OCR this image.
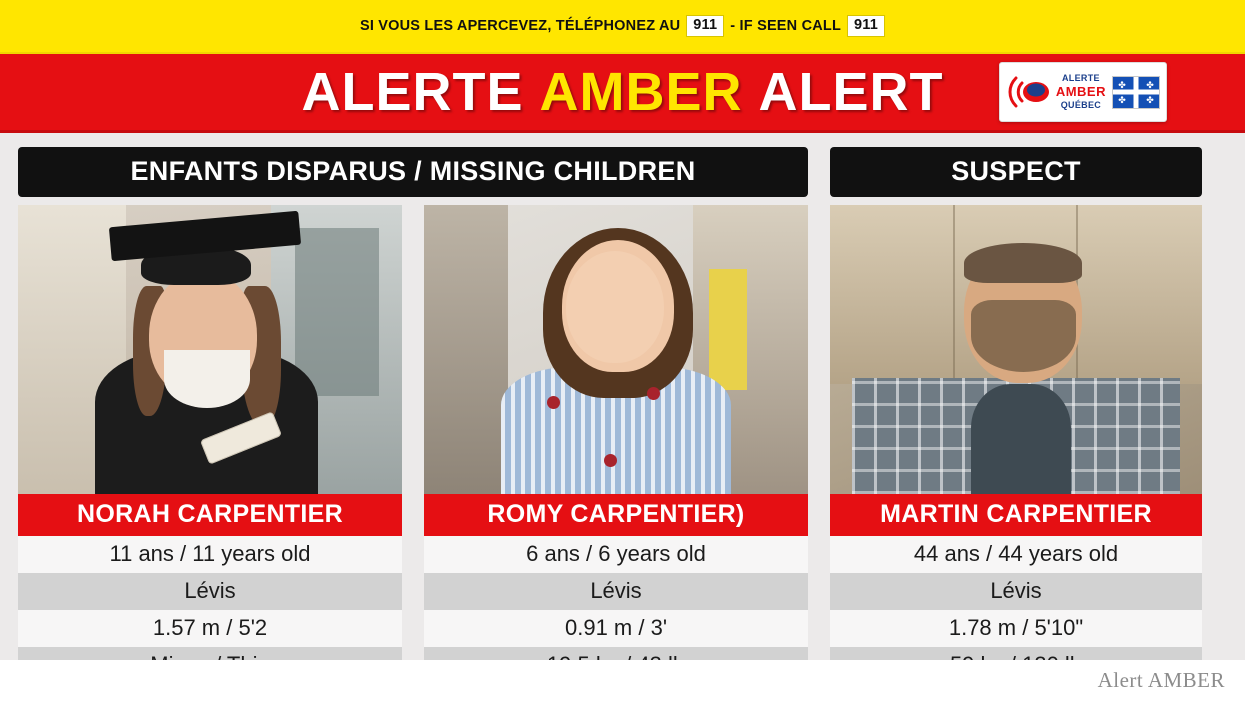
SI VOUS LES APERCEVEZ, TÉLÉPHONEZ AU 911 - IF SEEN CALL 911
ALERTE AMBER ALERT	ALERTE
AMBER
QUÉBEC
✤ ✤
✤ ✤
ENFANTS DISPARUS / MISSING CHILDREN	SUSPECT
NORAH CARPENTIER
11 ans / 11 years old
Lévis
1.57 m / 5'2
ROMY CARPENTIER)
6 ans / 6 years old
Lévis
0.91 m / 3'
MARTIN CARPENTIER
44 ans / 44 years old
Lévis
1.78 m / 5'10"
Alert AMBER
